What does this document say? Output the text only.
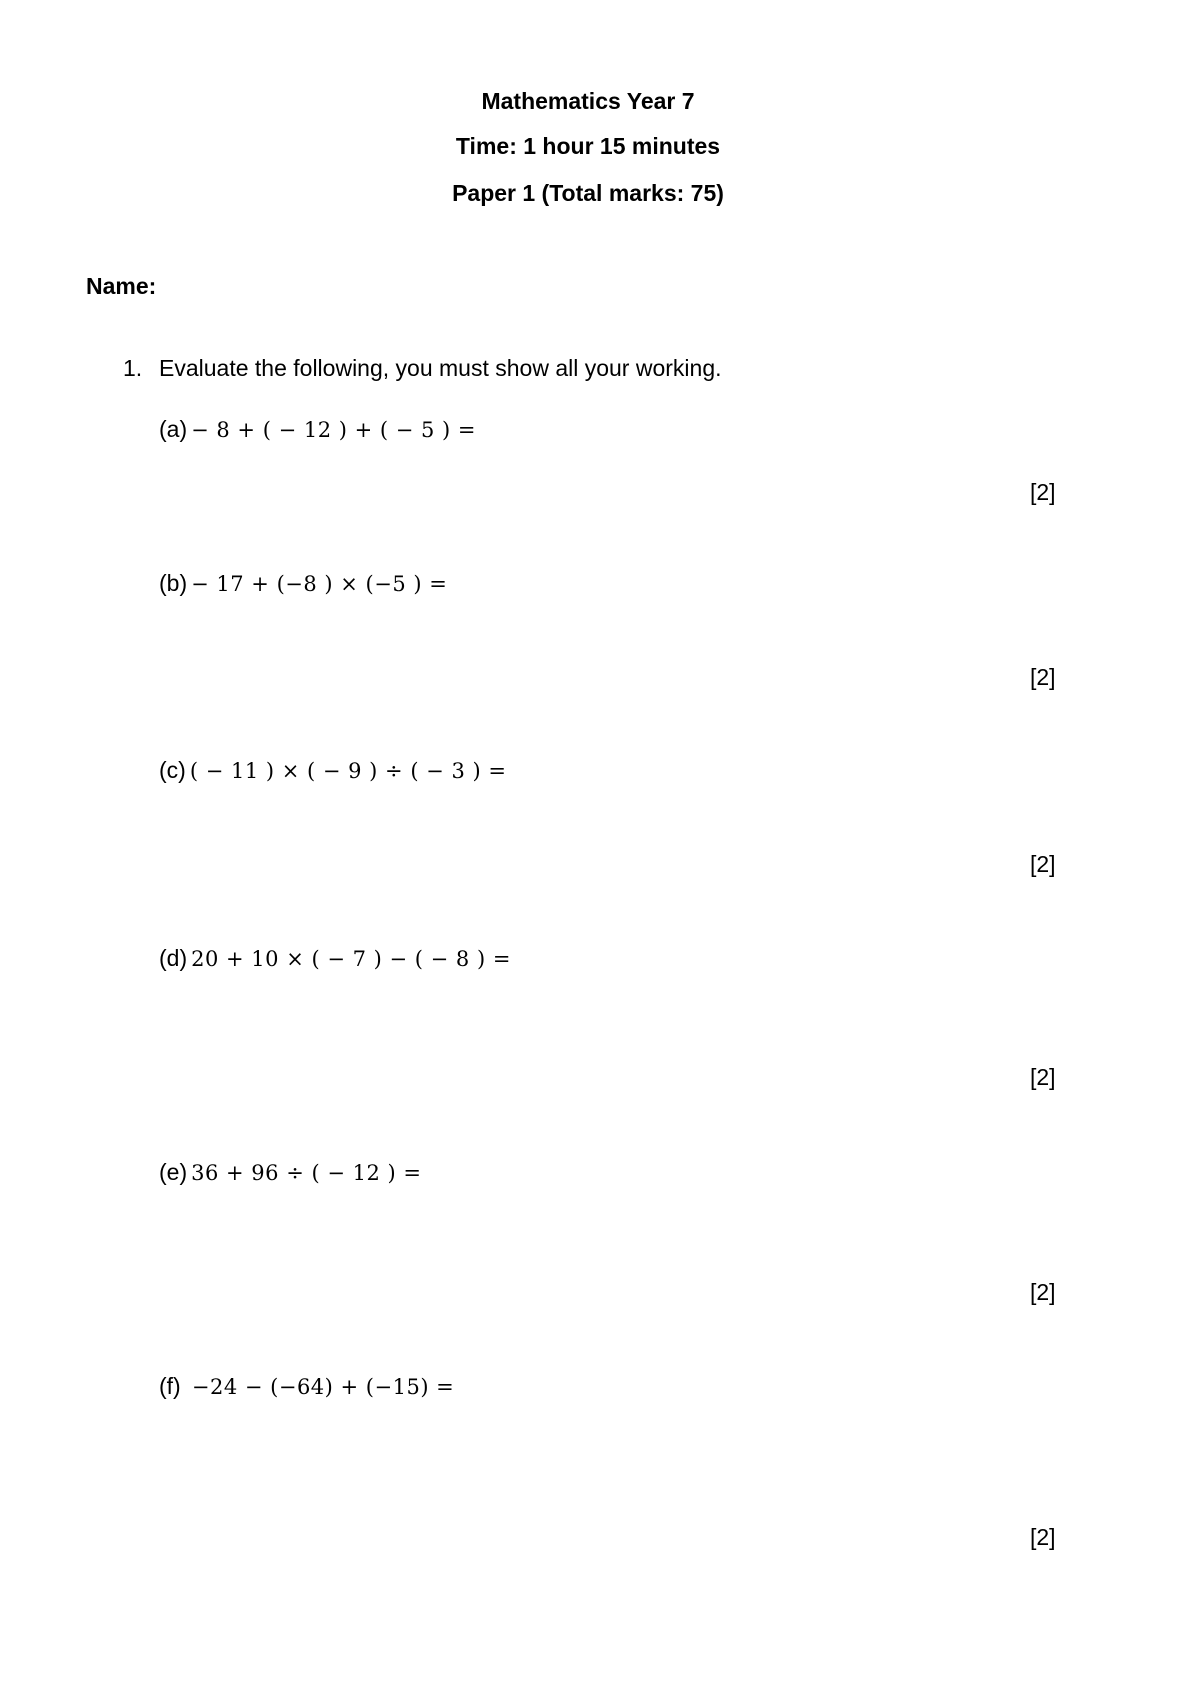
Mathematics Year 7
Time: 1 hour 15 minutes
Paper 1 (Total marks: 75)
Name:
1. Evaluate the following, you must show all your working.
(a) − 8 + ( − 12 ) + ( − 5 ) =
[2]
(b) − 17 + (−8 ) × (−5 ) =
[2]
(c) ( − 11 ) × ( − 9 ) ÷ ( − 3 ) =
[2]
(d) 20 + 10 × ( − 7 ) − ( − 8 ) =
[2]
(e) 36 + 96 ÷ ( − 12 ) =
[2]
(f) −24 − (−64) + (−15) =
[2]
